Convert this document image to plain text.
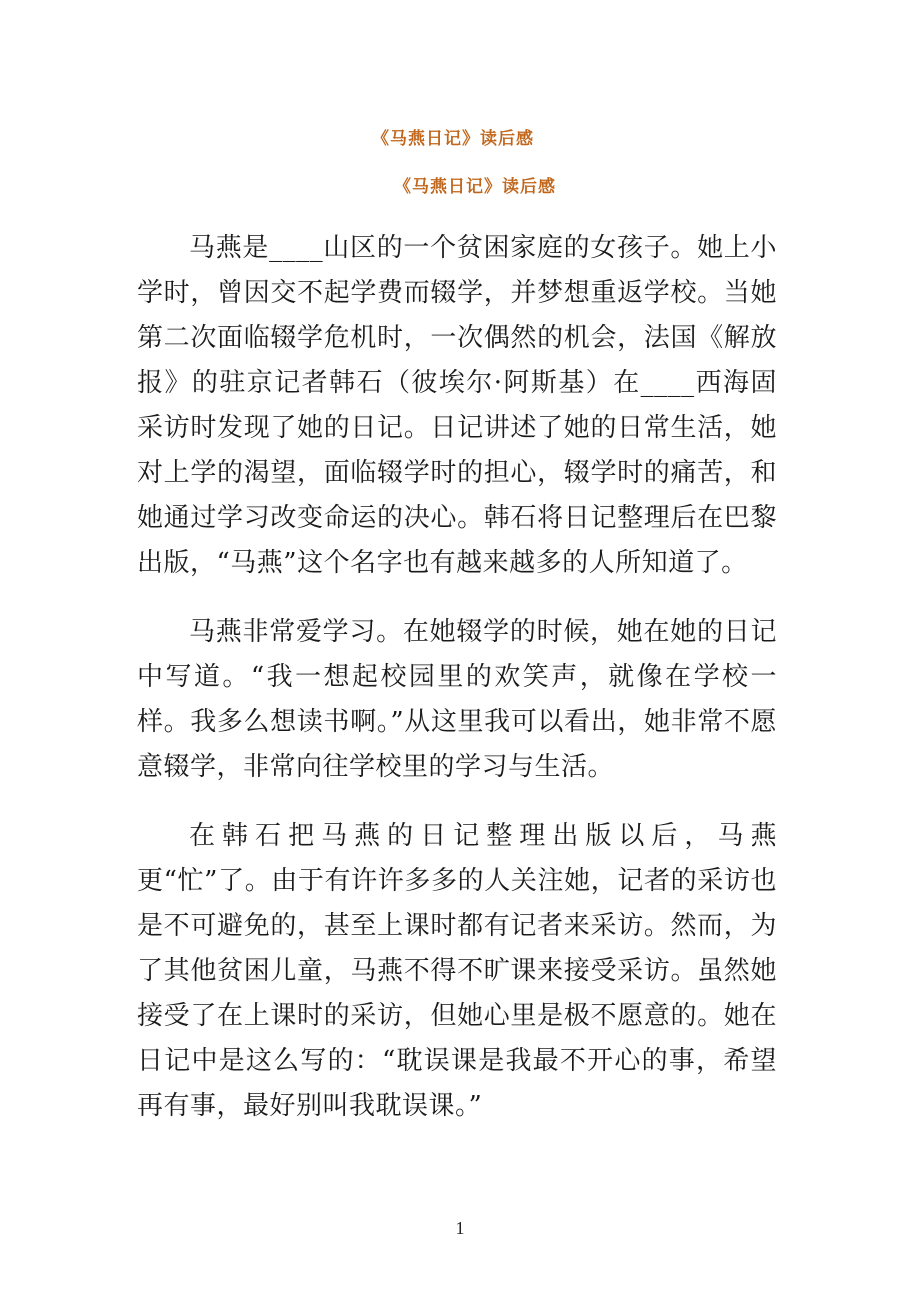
《马燕日记》读后感
《马燕日记》读后感

马燕是____山区的一个贫困家庭的女孩子。她上小学时，曾因交不起学费而辍学，并梦想重返学校。当她第二次面临辍学危机时，一次偶然的机会，法国《解放报》的驻京记者韩石（彼埃尔·阿斯基）在____西海固采访时发现了她的日记。日记讲述了她的日常生活，她对上学的渴望，面临辍学时的担心，辍学时的痛苦，和她通过学习改变命运的决心。韩石将日记整理后在巴黎出版，“马燕”这个名字也有越来越多的人所知道了。

马燕非常爱学习。在她辍学的时候，她在她的日记中写道。“我一想起校园里的欢笑声，就像在学校一样。我多么想读书啊。”从这里我可以看出，她非常不愿意辍学，非常向往学校里的学习与生活。

在韩石把马燕的日记整理出版以后，马燕更“忙”了。由于有许许多多的人关注她，记者的采访也是不可避免的，甚至上课时都有记者来采访。然而，为了其他贫困儿童，马燕不得不旷课来接受采访。虽然她接受了在上课时的采访，但她心里是极不愿意的。她在日记中是这么写的：“耽误课是我最不开心的事，希望再有事，最好别叫我耽误课。”

1
